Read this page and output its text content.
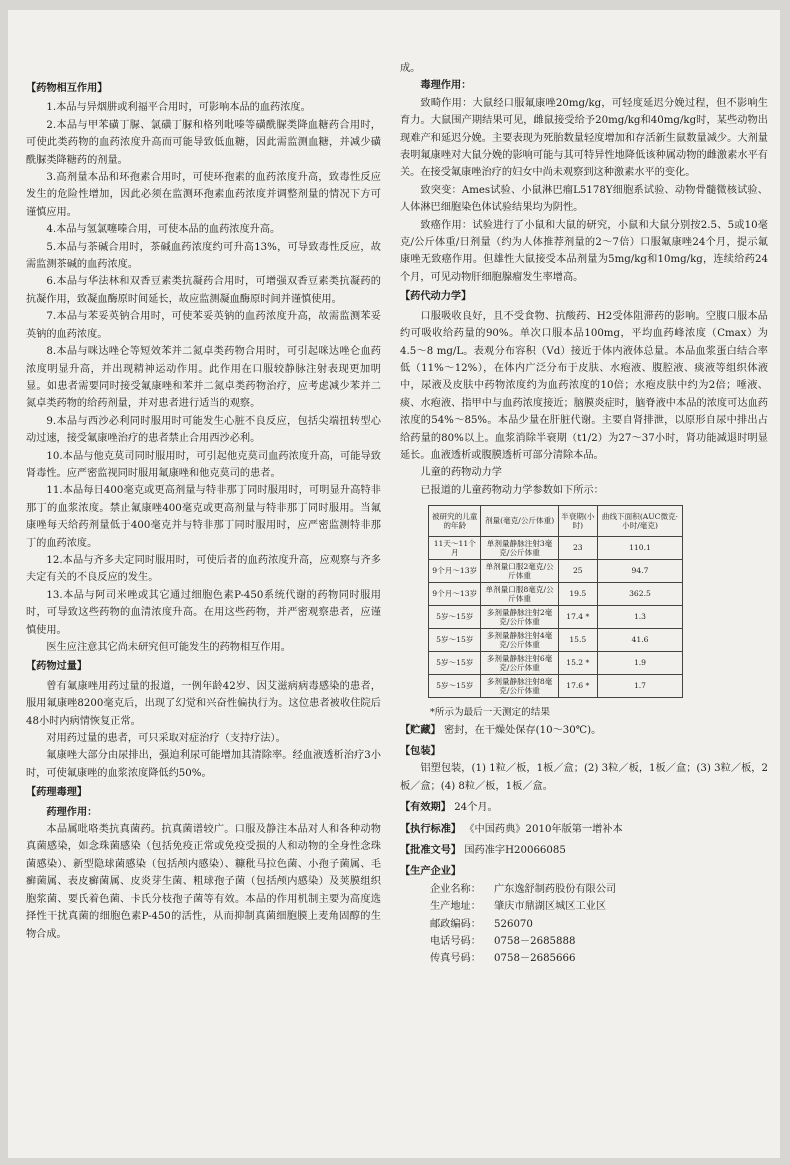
【药物相互作用】

1.本品与异烟肼或利福平合用时，可影响本品的血药浓度。

2.本品与甲苯磺丁脲、氯磺丁脲和格列吡嗪等磺酰脲类降血糖药合用时，可使此类药物的血药浓度升高而可能导致低血糖，因此需监测血糖，并减少磺酰脲类降糖药的剂量。

3.高剂量本品和环孢素合用时，可使环孢素的血药浓度升高，致毒性反应发生的危险性增加，因此必须在监测环孢素血药浓度并调整剂量的情况下方可谨慎应用。

4.本品与氢氯噻嗪合用，可使本品的血药浓度升高。

5.本品与茶碱合用时，茶碱血药浓度约可升高13%，可导致毒性反应，故需监测茶碱的血药浓度。

6.本品与华法林和双香豆素类抗凝药合用时，可增强双香豆素类抗凝药的抗凝作用，致凝血酶原时间延长，故应监测凝血酶原时间并谨慎使用。

7.本品与苯妥英钠合用时，可使苯妥英钠的血药浓度升高，故需监测苯妥英钠的血药浓度。

8.本品与咪达唑仑等短效苯并二氮卓类药物合用时，可引起咪达唑仑血药浓度明显升高，并出现精神运动作用。此作用在口服较静脉注射表现更加明显。如患者需要同时接受氟康唑和苯并二氮卓类药物治疗，应考虑减少苯并二氮卓类药物的给药剂量，并对患者进行适当的观察。

9.本品与西沙必利同时服用时可能发生心脏不良反应，包括尖端扭转型心动过速，接受氟康唑治疗的患者禁止合用西沙必利。

10.本品与他克莫司同时服用时，可引起他克莫司血药浓度升高，可能导致肾毒性。应严密监视同时服用氟康唑和他克莫司的患者。

11.本品每日400毫克或更高剂量与特非那丁同时服用时，可明显升高特非那丁的血浆浓度。禁止氟康唑400毫克或更高剂量与特非那丁同时服用。当氟康唑每天给药剂量低于400毫克并与特非那丁同时服用时，应严密监测特非那丁的血药浓度。

12.本品与齐多夫定同时服用时，可使后者的血药浓度升高，应观察与齐多夫定有关的不良反应的发生。

13.本品与阿司米唑或其它通过细胞色素P-450系统代谢的药物同时服用时，可导致这些药物的血清浓度升高。在用这些药物，并严密观察患者，应谨慎使用。

医生应注意其它尚未研究但可能发生的药物相互作用。

【药物过量】

曾有氟康唑用药过量的报道，一例年龄42岁、因艾滋病病毒感染的患者，服用氟康唑8200毫克后，出现了幻觉和兴奋性偏执行为。这位患者被收住院后48小时内病情恢复正常。

对用药过量的患者，可只采取对症治疗（支持疗法）。

氟康唑大部分由尿排出，强迫利尿可能增加其清除率。经血液透析治疗3小时，可使氟康唑的血浆浓度降低约50%。

【药理毒理】

药理作用：

本品属吡咯类抗真菌药。抗真菌谱较广。口服及静注本品对人和各种动物真菌感染，如念珠菌感染（包括免疫正常或免疫受损的人和动物的全身性念珠菌感染）、新型隐球菌感染（包括颅内感染）、糠秕马拉色菌、小孢子菌属、毛癣菌属、表皮癣菌属、皮炎芽生菌、粗球孢子菌（包括颅内感染）及荚膜组织胞浆菌、要氏着色菌、卡氏分枝孢子菌等有效。本品的作用机制主要为高度选择性干扰真菌的细胞色素P-450的活性，从而抑制真菌细胞膜上麦角固醇的生物合成。

成。

毒理作用：

致畸作用：大鼠经口服氟康唑20mg/kg，可轻度延迟分娩过程，但不影响生育力。大鼠围产期结果可见，雌鼠接受给予20mg/kg和40mg/kg时，某些动物出现难产和延迟分娩。主要表现为死胎数量轻度增加和存活新生鼠数量减少。大剂量表明氟康唑对大鼠分娩的影响可能与其可特异性地降低该种属动物的雌激素水平有关。在接受氟康唑治疗的妇女中尚未观察到这种激素水平的变化。

致突变：Ames试验、小鼠淋巴瘤L5178Y细胞系试验、动物骨髓微核试验、人体淋巴细胞染色体试验结果均为阴性。

致癌作用：试验进行了小鼠和大鼠的研究，小鼠和大鼠分别按2.5、5或10毫克/公斤体重/日剂量（约为人体推荐剂量的2～7倍）口服氟康唑24个月，提示氟康唑无致癌作用。但雄性大鼠接受本品剂量为5mg/kg和10mg/kg，连续给药24个月，可见动物肝细胞腺瘤发生率增高。

【药代动力学】

口服吸收良好，且不受食物、抗酸药、H2受体阻滞药的影响。空腹口服本品约可吸收给药量的90%。单次口服本品100mg，平均血药峰浓度（Cmax）为4.5～8 mg/L。表观分布容积（Vd）接近于体内液体总量。本品血浆蛋白结合率低（11%～12%），在体内广泛分布于皮肤、水疱液、腹腔液、痰液等组织体液中，尿液及皮肤中药物浓度约为血药浓度的10倍；水疱皮肤中约为2倍；唾液、痰、水疱液、指甲中与血药浓度接近；脑膜炎症时，脑脊液中本品的浓度可达血药浓度的54%～85%。本品少量在肝脏代谢。主要自肾排泄，以原形自尿中排出占给药量的80%以上。血浆消除半衰期（t1/2）为27～37小时，肾功能减退时明显延长。血液透析或腹膜透析可部分清除本品。

儿童的药物动力学

已报道的儿童药物动力学参数如下所示：

被研究的儿童的年龄	剂量(毫克/公斤体重)	半衰期(小时)	曲线下面积(AUC微克·小时/毫克)
11天～11个月	单剂量静脉注射3毫克/公斤体重	23	110.1
9个月～13岁	单剂量口服2毫克/公斤体重	25	94.7
9个月～13岁	单剂量口服8毫克/公斤体重	19.5	362.5
5岁～15岁	多剂量静脉注射2毫克/公斤体重	17.4 *	1.3
5岁～15岁	多剂量静脉注射4毫克/公斤体重	15.5	41.6
5岁～15岁	多剂量静脉注射6毫克/公斤体重	15.2 *	1.9
5岁～15岁	多剂量静脉注射8毫克/公斤体重	17.6 *	1.7

*所示为最后一天测定的结果

【贮藏】 密封，在干燥处保存(10～30℃)。

【包装】

铝塑包装，(1) 1粒／板，1板／盒；(2) 3粒／板，1板／盒；(3) 3粒／板，2板／盒；(4) 8粒／板，1板／盒。

【有效期】 24个月。

【执行标准】 《中国药典》2010年版第一增补本

【批准文号】 国药准字H20066085

【生产企业】

企业名称：	广东逸舒制药股份有限公司
生产地址：	肇庆市鼎湖区城区工业区
邮政编码：	526070
电话号码：	0758－2685888
传真号码：	0758－2685666
